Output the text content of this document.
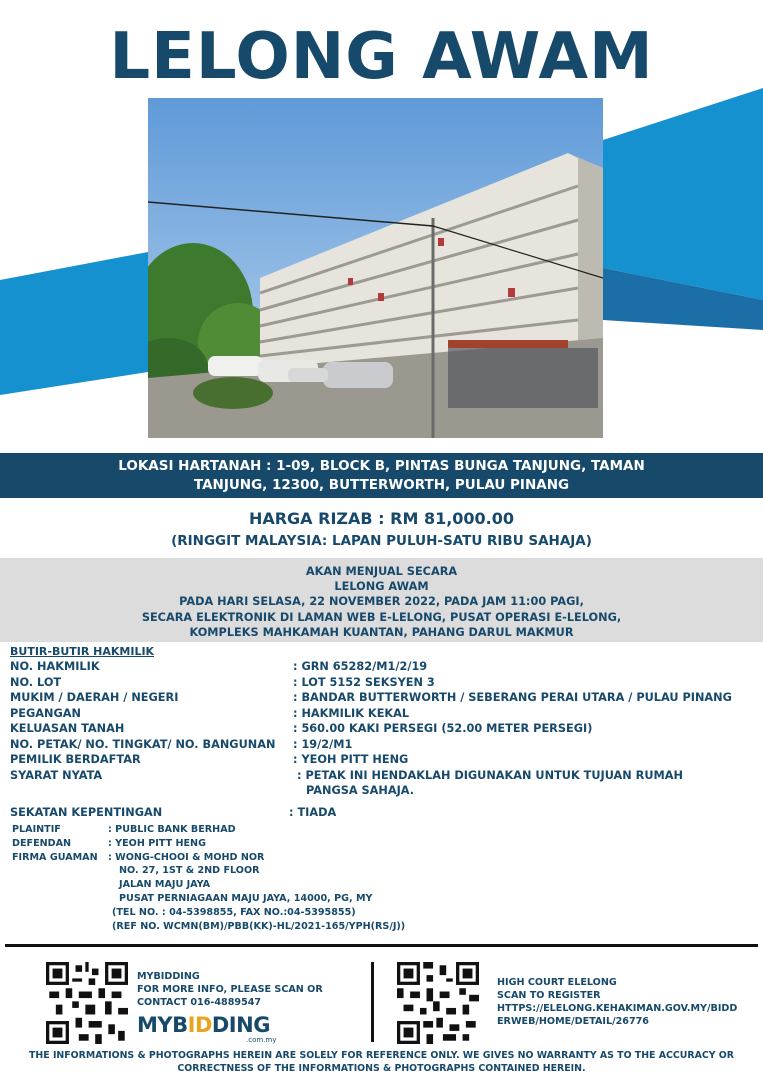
LELONG AWAM
LOKASI HARTANAH : 1-09, BLOCK B, PINTAS BUNGA TANJUNG, TAMAN
TANJUNG, 12300, BUTTERWORTH, PULAU PINANG
HARGA RIZAB : RM 81,000.00
(RINGGIT MALAYSIA: LAPAN PULUH-SATU RIBU SAHAJA)
AKAN MENJUAL SECARA
LELONG AWAM
PADA HARI SELASA, 22 NOVEMBER 2022, PADA JAM 11:00 PAGI,
SECARA ELEKTRONIK DI LAMAN WEB E-LELONG, PUSAT OPERASI E-LELONG,
KOMPLEKS MAHKAMAH KUANTAN, PAHANG DARUL MAKMUR
BUTIR-BUTIR HAKMILIK
NO. HAKMILIK	: GRN 65282/M1/2/19
NO. LOT	: LOT 5152 SEKSYEN 3
MUKIM / DAERAH / NEGERI	: BANDAR BUTTERWORTH / SEBERANG PERAI UTARA / PULAU PINANG
PEGANGAN	: HAKMILIK KEKAL
KELUASAN TANAH	: 560.00 KAKI PERSEGI (52.00 METER PERSEGI)
NO. PETAK/ NO. TINGKAT/ NO. BANGUNAN : 19/2/M1
PEMILIK BERDAFTAR	: YEOH PITT HENG
SYARAT NYATA	: PETAK INI HENDAKLAH DIGUNAKAN UNTUK TUJUAN RUMAH PANGSA SAHAJA.
SEKATAN KEPENTINGAN	: TIADA
PLAINTIF	: PUBLIC BANK BERHAD
DEFENDAN	: YEOH PITT HENG
FIRMA GUAMAN : WONG-CHOOI & MOHD NOR
NO. 27, 1ST & 2ND FLOOR
JALAN MAJU JAYA
PUSAT PERNIAGAAN MAJU JAYA, 14000, PG, MY
(TEL NO. : 04-5398855, FAX NO.:04-5395855)
(REF NO. WCMN(BM)/PBB(KK)-HL/2021-165/YPH(RS/J))
MYBIDDING
FOR MORE INFO, PLEASE SCAN OR
CONTACT 016-4889547
MYBIDDING
.com.my
HIGH COURT ELELONG
SCAN TO REGISTER
HTTPS://ELELONG.KEHAKIMAN.GOV.MY/BIDD
ERWEB/HOME/DETAIL/26776
THE INFORMATIONS & PHOTOGRAPHS HEREIN ARE SOLELY FOR REFERENCE ONLY. WE GIVES NO WARRANTY AS TO THE ACCURACY OR
CORRECTNESS OF THE INFORMATIONS & PHOTOGRAPHS CONTAINED HEREIN.
